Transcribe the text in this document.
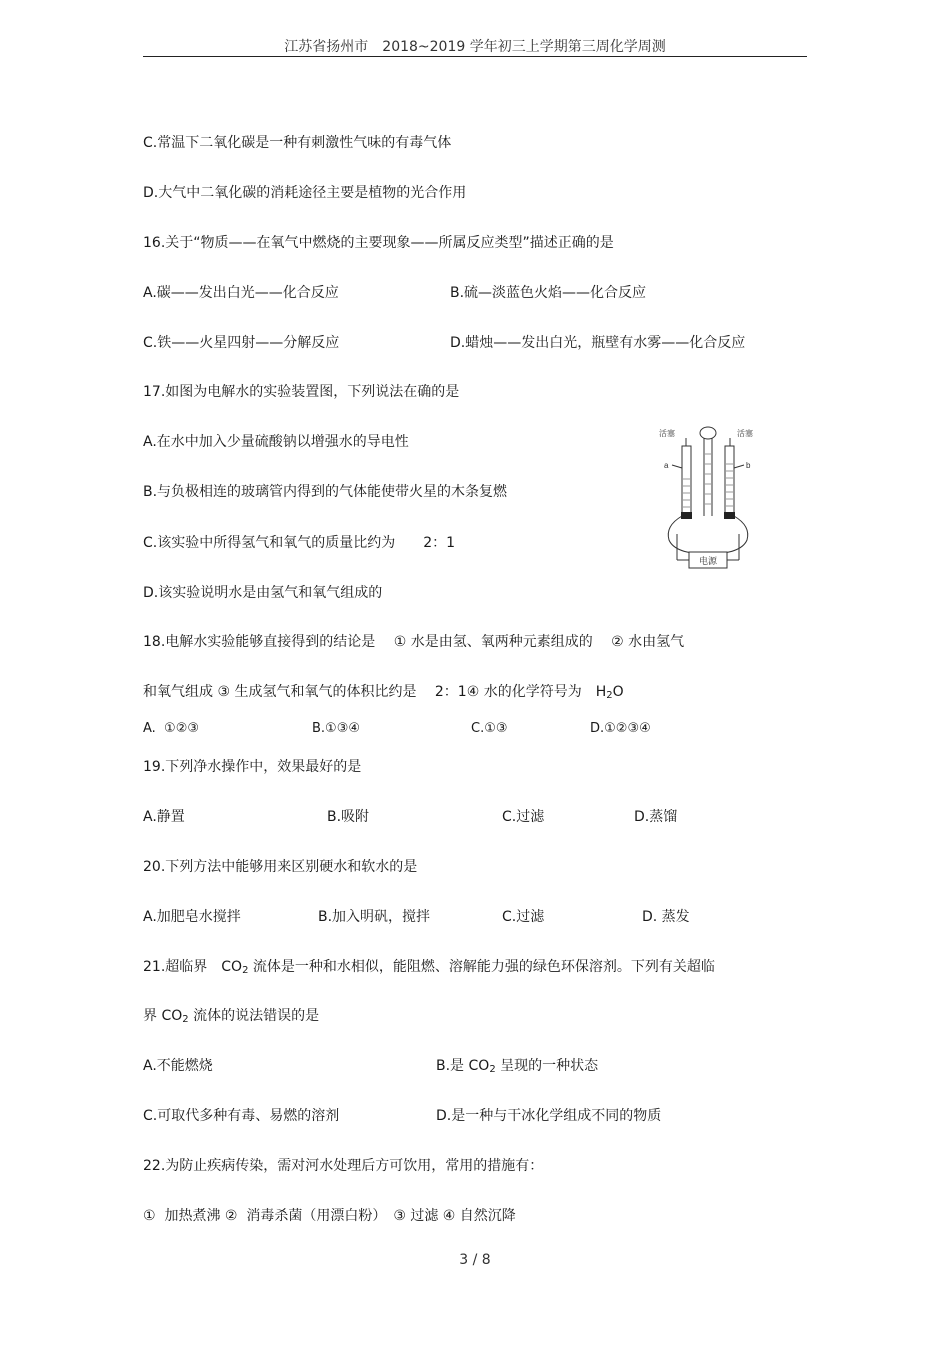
江苏省扬州市　2018~2019 学年初三上学期第三周化学周测
C.常温下二氧化碳是一种有刺激性气味的有毒气体
D.大气中二氧化碳的消耗途径主要是植物的光合作用
16.关于“物质——在氧气中燃烧的主要现象——所属反应类型”描述正确的是
A.碳——发出白光——化合反应	B.硫—淡蓝色火焰——化合反应
C.铁——火星四射——分解反应	D.蜡烛——发出白光，瓶壁有水雾——化合反应
17.如图为电解水的实验装置图，下列说法在确的是
A.在水中加入少量硫酸钠以增强水的导电性
B.与负极相连的玻璃管内得到的气体能使带火星的木条复燃
C.该实验中所得氢气和氧气的质量比约为　　2：1
D.该实验说明水是由氢气和氧气组成的
活塞	活塞
a	b
电源
18.电解水实验能够直接得到的结论是　 ① 水是由氢、氧两种元素组成的　 ② 水由氢气
和氧气组成 ③ 生成氢气和氧气的体积比约是　 2：1④ 水的化学符号为　$H_2O$
A.  ①②③	B.①③④	C.①③	D.①②③④
19.下列净水操作中，效果最好的是
A.静置	B.吸附	C.过滤	D.蒸馏
20.下列方法中能够用来区别硬水和软水的是
A.加肥皂水搅拌	B.加入明矾，搅拌	C.过滤	D. 蒸发
21.超临界　$CO_2$ 流体是一种和水相似，能阻燃、溶解能力强的绿色环保溶剂。下列有关超临
界 $CO_2$ 流体的说法错误的是
A.不能燃烧	B.是 $CO_2$ 呈现的一种状态
C.可取代多种有毒、易燃的溶剂	D.是一种与干冰化学组成不同的物质
22.为防止疾病传染，需对河水处理后方可饮用，常用的措施有：
①  加热煮沸 ②  消毒杀菌（用漂白粉）　③ 过滤 ④ 自然沉降
3 / 8
